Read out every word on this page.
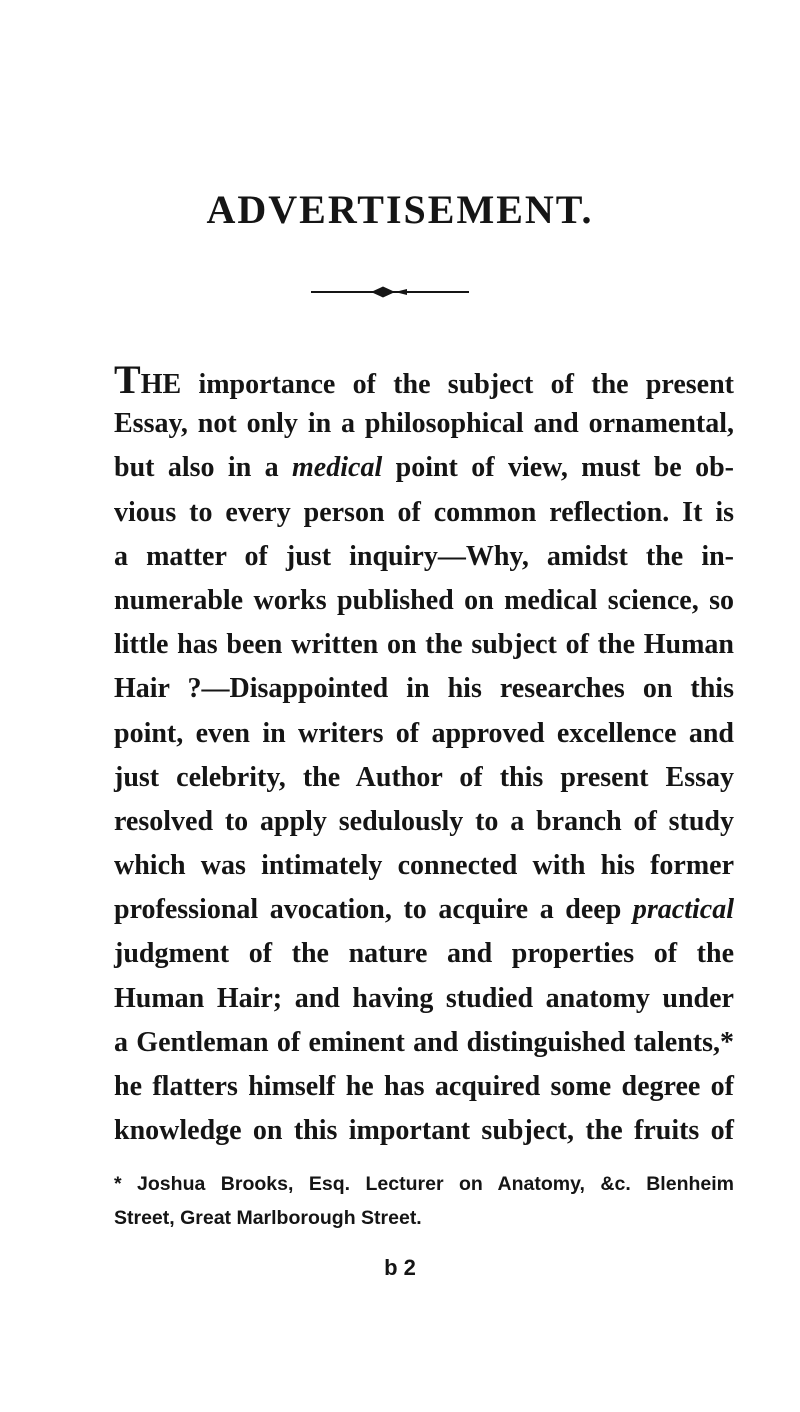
ADVERTISEMENT.
THE importance of the subject of the present
Essay, not only in a philosophical and ornamental,
but also in a medical point of view, must be ob-
vious to every person of common reflection. It is
a matter of just inquiry—Why, amidst the in-
numerable works published on medical science, so
little has been written on the subject of the Human
Hair ?—Disappointed in his researches on this
point, even in writers of approved excellence and
just celebrity, the Author of this present Essay
resolved to apply sedulously to a branch of study
which was intimately connected with his former
professional avocation, to acquire a deep practical
judgment of the nature and properties of the
Human Hair; and having studied anatomy under
a Gentleman of eminent and distinguished talents,*
he flatters himself he has acquired some degree of
knowledge on this important subject, the fruits of
* Joshua Brooks, Esq. Lecturer on Anatomy, &c. Blenheim
Street, Great Marlborough Street.
b 2
